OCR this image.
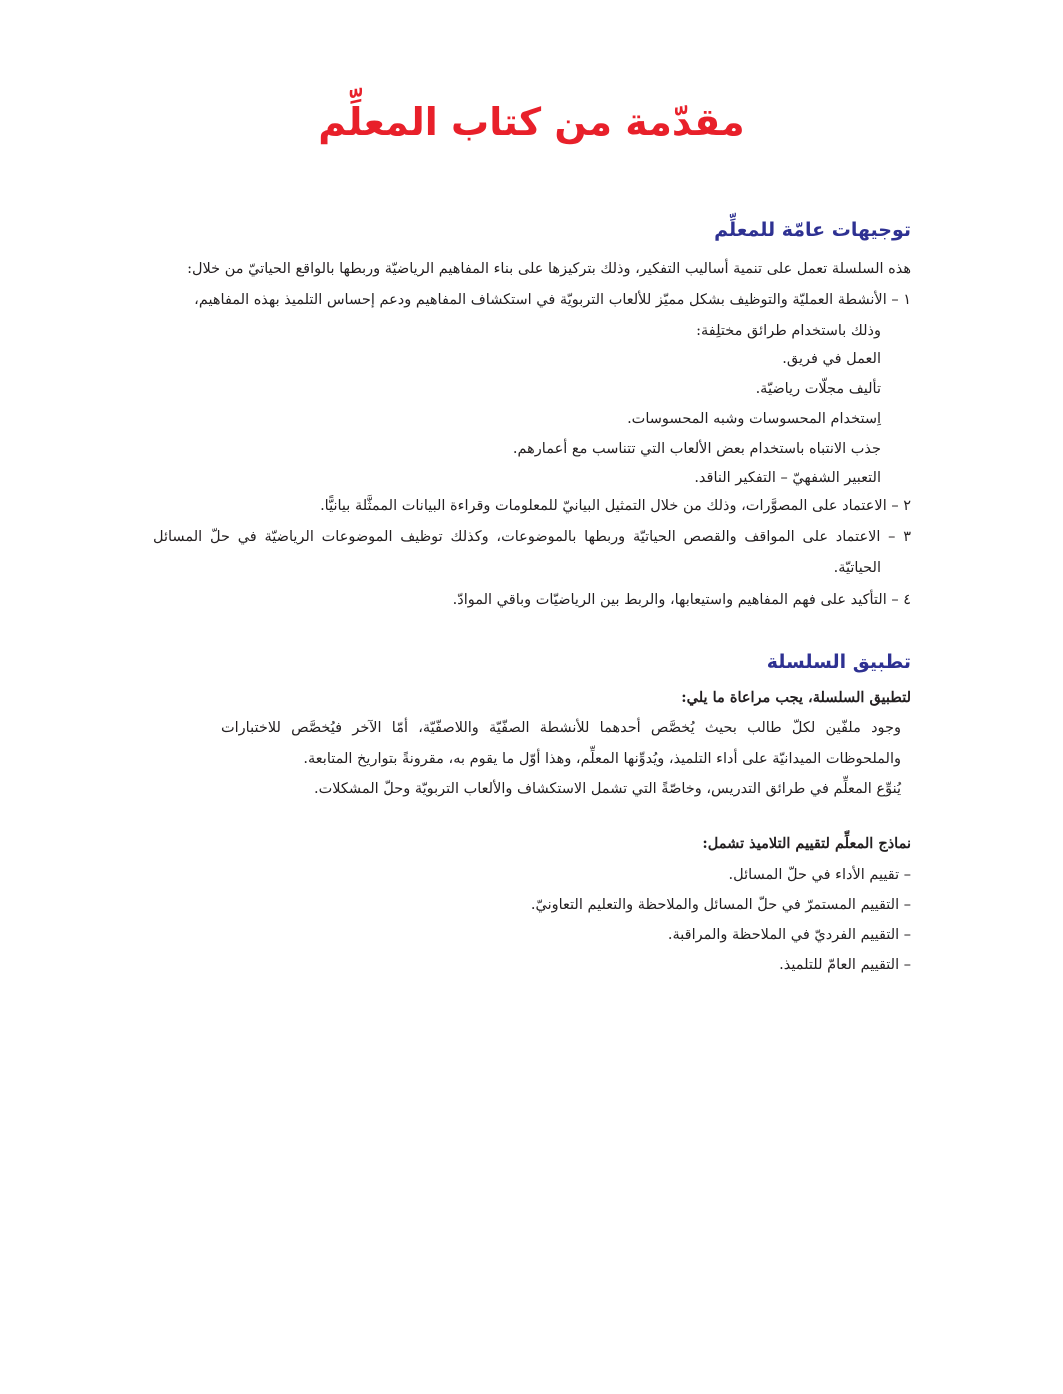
مقدّمة من كتاب المعلِّم
توجيهات عامّة للمعلِّم
هذه السلسلة تعمل على تنمية أساليب التفكير، وذلك بتركيزها على بناء المفاهيم الرياضيّة وربطها بالواقع الحياتيّ من خلال:
١ – الأنشطة العمليّة والتوظيف بشكل مميّز للألعاب التربويّة في استكشاف المفاهيم ودعم إحساس التلميذ بهذه المفاهيم،
وذلك باستخدام طرائق مختلِفة:
العمل في فريق.
تأليف مجلّات رياضيّة.
اِستخدام المحسوسات وشبه المحسوسات.
جذب الانتباه باستخدام بعض الألعاب التي تتناسب مع أعمارهم.
التعبير الشفهيّ – التفكير الناقد.
٢ – الاعتماد على المصوَّرات، وذلك من خلال التمثيل البيانيّ للمعلومات وقراءة البيانات الممثَّلة بيانيًّا.
٣ – الاعتماد على المواقف والقصص الحياتيّة وربطها بالموضوعات، وكذلك توظيف الموضوعات الرياضيّة في حلّ المسائل
الحياتيّة.
٤ – التأكيد على فهم المفاهيم واستيعابها، والربط بين الرياضيّات وباقي الموادّ.
تطبيق السلسلة
لتطبيق السلسلة، يجب مراعاة ما يلي:
وجود ملفّين لكلّ طالب بحيث يُخصَّص أحدهما للأنشطة الصفّيّة واللاصفّيّة، أمّا الآخر فيُخصَّص للاختبارات
والملحوظات الميدانيّة على أداء التلميذ، ويُدوِّنها المعلِّم، وهذا أوّل ما يقوم به، مقرونةً بتواريخ المتابعة.
يُنوِّع المعلِّم في طرائق التدريس، وخاصّةً التي تشمل الاستكشاف والألعاب التربويّة وحلّ المشكلات.
نماذج المعلِّم لتقييم التلاميذ تشمل:
– تقييم الأداء في حلّ المسائل.
– التقييم المستمرّ في حلّ المسائل والملاحظة والتعليم التعاونيّ.
– التقييم الفرديّ في الملاحظة والمراقبة.
– التقييم العامّ للتلميذ.
